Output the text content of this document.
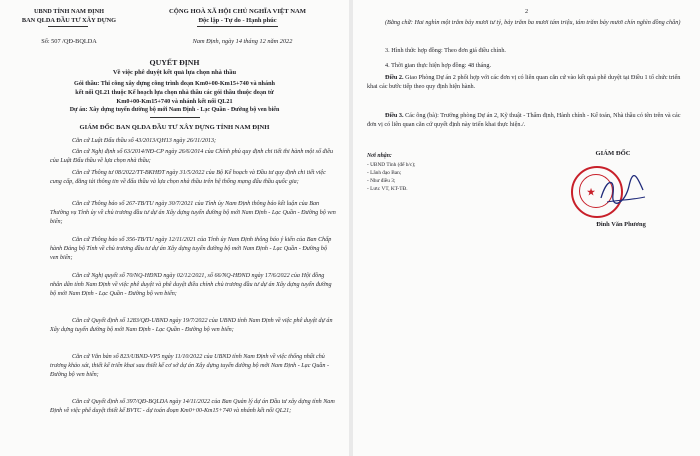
UBND TỈNH NAM ĐỊNH
BAN QLDA ĐẦU TƯ XÂY DỰNG
Số: 507 /QĐ-BQLDA
CỘNG HOÀ XÃ HỘI CHỦ NGHĨA VIỆT NAM
Độc lập - Tự do - Hạnh phúc
Nam Định, ngày 14 tháng 12 năm 2022
QUYẾT ĐỊNH
Về việc phê duyệt kết quả lựa chọn nhà thầu
Gói thầu: Thi công xây dựng công trình đoạn Km0+00-Km15+740 và nhánh
kết nối QL21 thuộc Kế hoạch lựa chọn nhà thầu các gói thầu thuộc đoạn từ
Km0+00-Km15+740 và nhánh kết nối QL21
Dự án: Xây dựng tuyến đường bộ mới Nam Định - Lạc Quần - Đường bộ ven biển
GIÁM ĐỐC BAN QLDA ĐẦU TƯ XÂY DỰNG TỈNH NAM ĐỊNH
Căn cứ Luật Đấu thầu số 43/2013/QH13 ngày 26/11/2013;
Căn cứ Nghị định số 63/2014/NĐ-CP ngày 26/6/2014 của Chính phủ quy định chi tiết thi hành một số điều của Luật Đấu thầu về lựa chọn nhà thầu;
Căn cứ Thông tư 08/2022/TT-BKHĐT ngày 31/5/2022 của Bộ Kế hoạch và Đầu tư quy định chi tiết việc cung cấp, đăng tải thông tin về đấu thầu và lựa chọn nhà thầu trên hệ thống mạng đấu thầu quốc gia;
Căn cứ Thông báo số 267-TB/TU ngày 30/7/2021 của Tỉnh ủy Nam Định thông báo kết luận của Ban Thường vụ Tỉnh ủy về chủ trương đầu tư dự án Xây dựng tuyến đường bộ mới Nam Định - Lạc Quần - Đường bộ ven biển;
Căn cứ Thông báo số 356-TB/TU ngày 12/11/2021 của Tỉnh ủy Nam Định thông báo ý kiến của Ban Chấp hành Đảng bộ Tỉnh về chủ trương đầu tư dự án Xây dựng tuyến đường bộ mới Nam Định - Lạc Quần - Đường bộ ven biển;
Căn cứ Nghị quyết số 70/NQ-HĐND ngày 02/12/2021, số 66/NQ-HĐND ngày 17/6/2022 của Hội đồng nhân dân tỉnh Nam Định về việc phê duyệt và phê duyệt điều chỉnh chủ trương đầu tư dự án Xây dựng tuyến đường bộ mới Nam Định - Lạc Quần - Đường bộ ven biển;
Căn cứ Quyết định số 1283/QĐ-UBND ngày 19/7/2022 của UBND tỉnh Nam Định về việc phê duyệt dự án Xây dựng tuyến đường bộ mới Nam Định - Lạc Quần - Đường bộ ven biển;
Căn cứ Văn bản số 823/UBND-VP5 ngày 11/10/2022 của UBND tỉnh Nam Định về việc thống nhất chủ trương khảo sát, thiết kế triển khai sau thiết kế cơ sở dự án Xây dựng tuyến đường bộ mới Nam Định - Lạc Quần - Đường bộ ven biển;
Căn cứ Quyết định số 397/QĐ-BQLDA ngày 14/11/2022 của Ban Quản lý dự án Đầu tư xây dựng tỉnh Nam Định về việc phê duyệt thiết kế BVTC - dự toán đoạn Km0+00-Km15+740 và nhánh kết nối QL21;
2
(Bằng chữ: Hai nghìn một trăm bảy mươi tư tỷ, bảy trăm ba mươi tám triệu, tám trăm bảy mươi chín nghìn đồng chẵn)
3. Hình thức hợp đồng: Theo đơn giá điều chỉnh.
4. Thời gian thực hiện hợp đồng: 48 tháng.
Điều 2. Giao Phòng Dự án 2 phối hợp với các đơn vị có liên quan căn cứ vào kết quả phê duyệt tại Điều 1 tổ chức triển khai các bước tiếp theo quy định hiện hành.
Điều 3. Các ông (bà): Trưởng phòng Dự án 2, Kỹ thuật - Thẩm định, Hành chính - Kế toán, Nhà thầu có tên trên và các đơn vị có liên quan căn cứ quyết định này triển khai thực hiện./.
Nơi nhận:
- UBND Tỉnh (để b/c);
- Lãnh đạo Ban;
- Như điều 3;
- Lưu: VT, KT-TĐ.
GIÁM ĐỐC
★
Đinh Văn Phương
